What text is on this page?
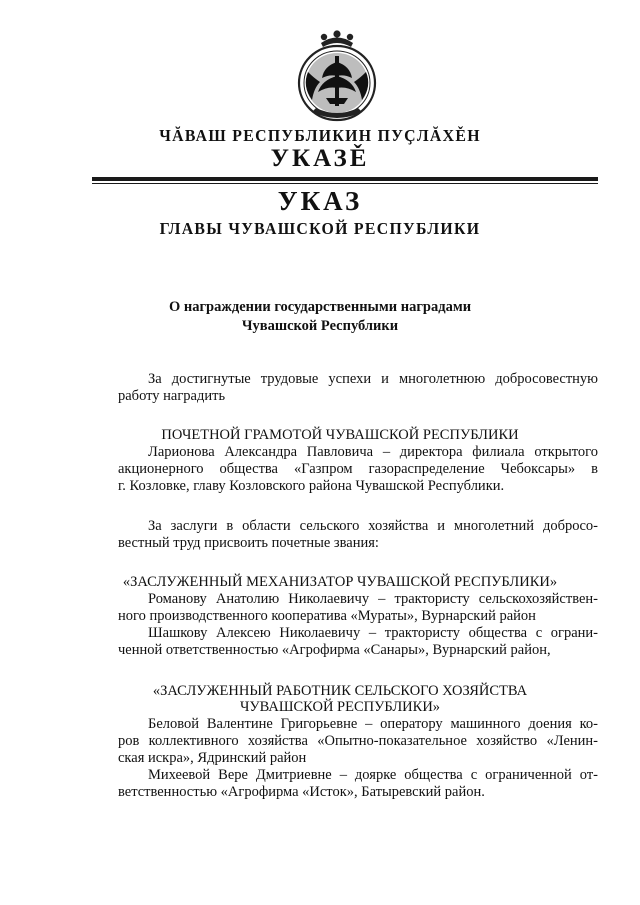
ЧĂВАШ РЕСПУБЛИКИН ПУҪЛĂХĚН
УКАЗĚ
УКАЗ
ГЛАВЫ ЧУВАШСКОЙ РЕСПУБЛИКИ
О награждении государственными наградами
Чувашской Республики
За достигнутые трудовые успехи и многолетнюю добросовестную
работу наградить
ПОЧЕТНОЙ ГРАМОТОЙ ЧУВАШСКОЙ РЕСПУБЛИКИ
Ларионова Александра Павловича – директора филиала открытого
акционерного общества «Газпром газораспределение Чебоксары» в
г. Козловке, главу Козловского района Чувашской Республики.
За заслуги в области сельского хозяйства и многолетний доброcо-
вестный труд присвоить почетные звания:
«ЗАСЛУЖЕННЫЙ МЕХАНИЗАТОР ЧУВАШСКОЙ РЕСПУБЛИКИ»
Романову Анатолию Николаевичу – трактористу сельскохозяйствен-
ного производственного кооператива «Мураты», Вурнарский район
Шашкову Алексею Николаевичу – трактористу общества с ограни-
ченной ответственностью «Агрофирма «Санары», Вурнарский район,
«ЗАСЛУЖЕННЫЙ РАБОТНИК СЕЛЬСКОГО ХОЗЯЙСТВА
ЧУВАШСКОЙ РЕСПУБЛИКИ»
Беловой Валентине Григорьевне – оператору машинного доения ко-
ров коллективного хозяйства «Опытно-показательное хозяйство «Ленин-
ская искра», Ядринский район
Михеевой Вере Дмитриевне – доярке общества с ограниченной от-
ветственностью «Агрофирма «Исток», Батыревский район.
